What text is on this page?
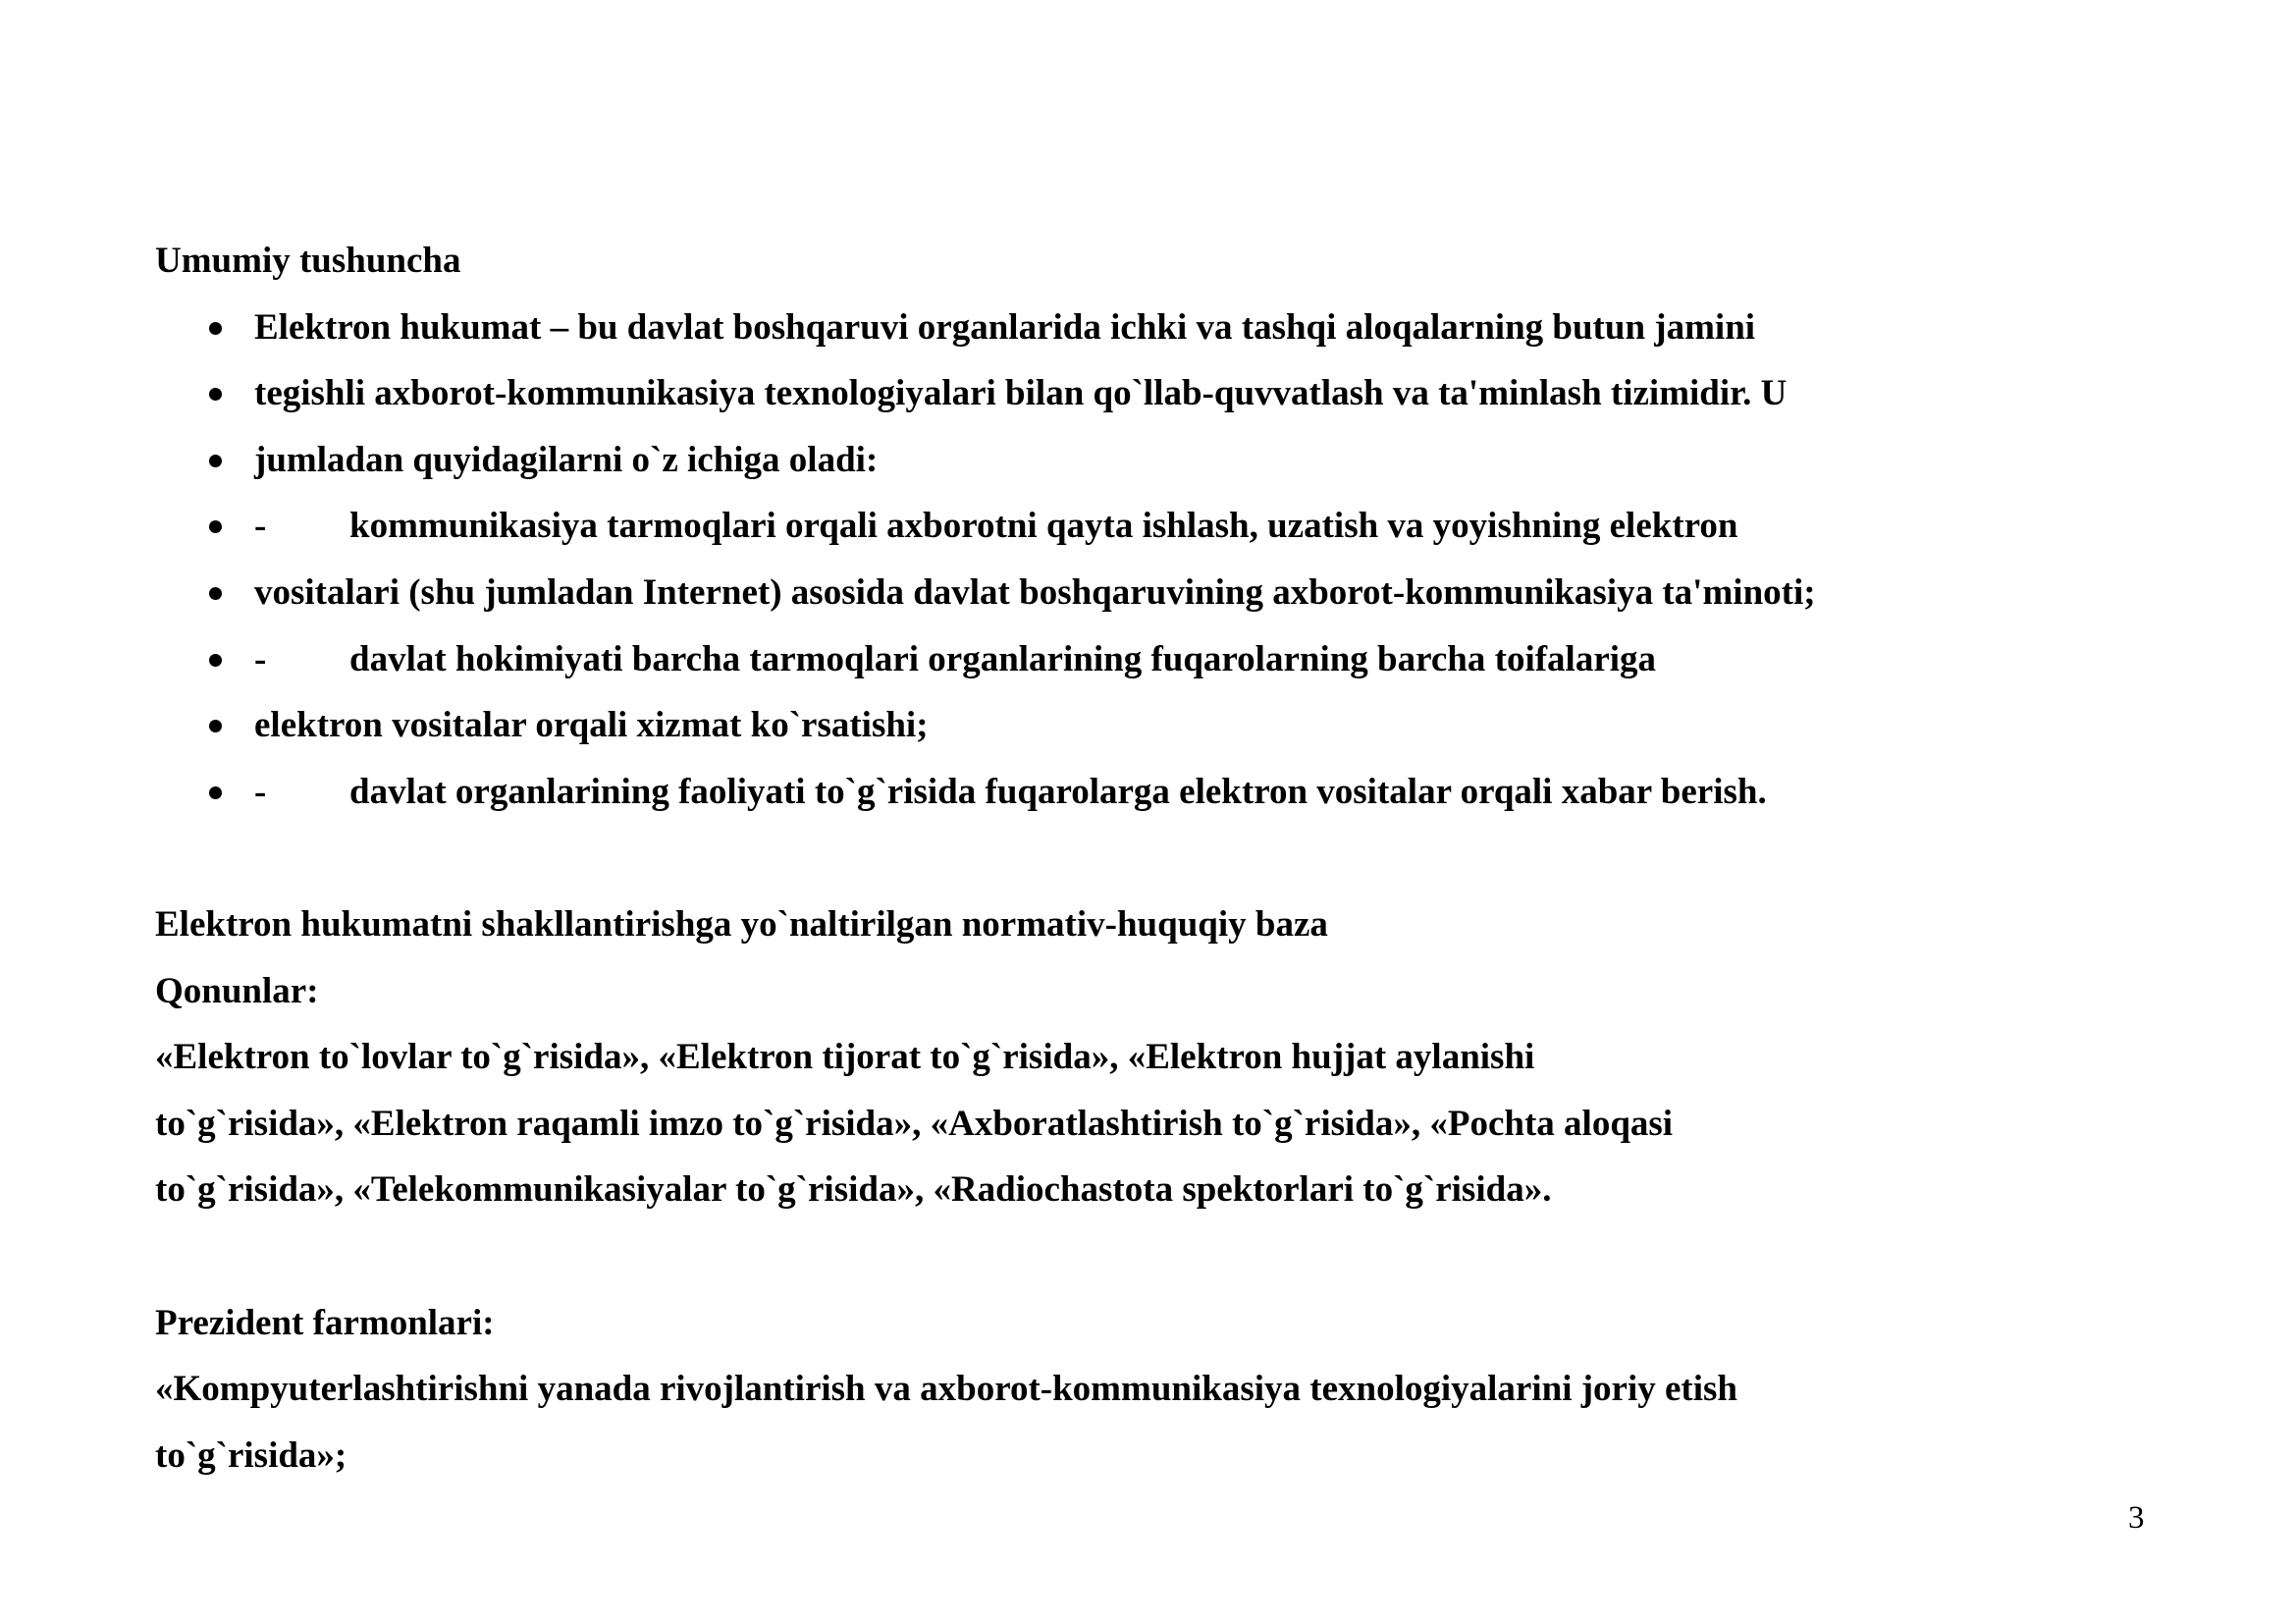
Umumiy tushuncha
Elektron hukumat – bu davlat boshqaruvi organlarida ichki va tashqi aloqalarning butun jamini
tegishli axborot-kommunikasiya texnologiyalari bilan qo`llab-quvvatlash va ta'minlash tizimidir. U
jumladan quyidagilarni o`z ichiga oladi:
- kommunikasiya tarmoqlari orqali axborotni qayta ishlash, uzatish va yoyishning elektron
vositalari (shu jumladan Internet) asosida davlat boshqaruvining axborot-kommunikasiya ta'minoti;
- davlat hokimiyati barcha tarmoqlari organlarining fuqarolarning barcha toifalariga
elektron vositalar orqali xizmat ko`rsatishi;
- davlat organlarining faoliyati to`g`risida fuqarolarga elektron vositalar orqali xabar berish.
Elektron hukumatni shakllantirishga yo`naltirilgan normativ-huquqiy baza
Qonunlar:
«Elektron to`lovlar to`g`risida», «Elektron tijorat to`g`risida», «Elektron hujjat aylanishi
to`g`risida», «Elektron raqamli imzo to`g`risida», «Axboratlashtirish to`g`risida», «Pochta aloqasi
to`g`risida», «Telekommunikasiyalar to`g`risida», «Radiochastota spektorlari to`g`risida».
Prezident farmonlari:
«Kompyuterlashtirishni yanada rivojlantirish va axborot-kommunikasiya texnologiyalarini joriy etish
to`g`risida»;
3
